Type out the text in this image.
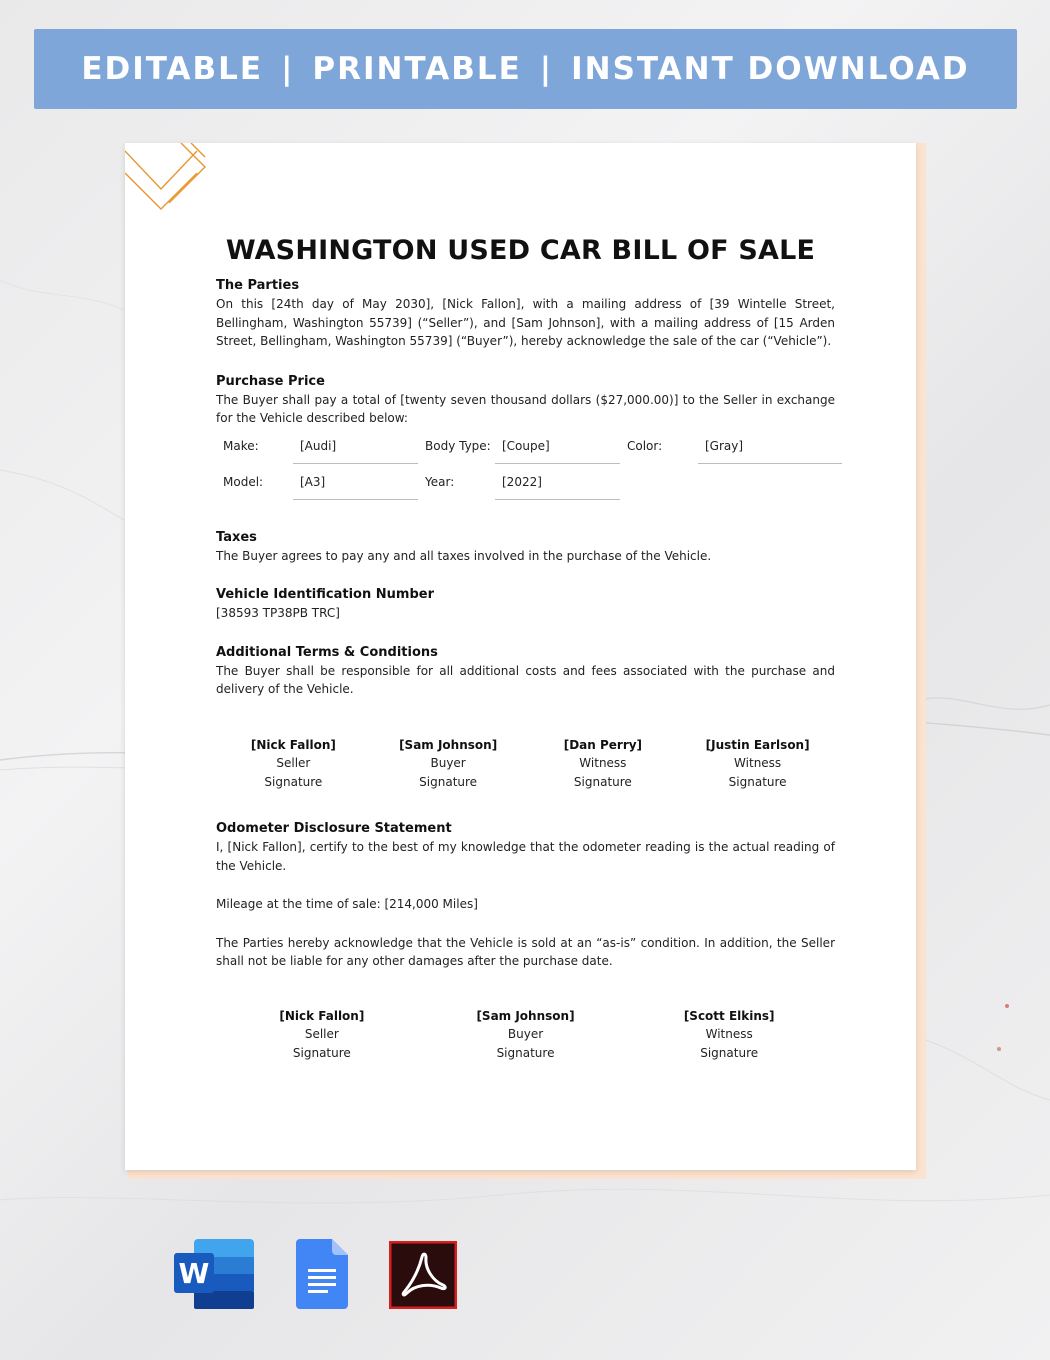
EDITABLE | PRINTABLE | INSTANT DOWNLOAD
WASHINGTON USED CAR BILL OF SALE

The Parties

On this [24th day of May 2030], [Nick Fallon], with a mailing address of [39 Wintelle Street, Bellingham, Washington 55739] (“Seller”), and [Sam Johnson], with a mailing address of [15 Arden Street, Bellingham, Washington 55739] (“Buyer”), hereby acknowledge the sale of the car (“Vehicle”).

Purchase Price

The Buyer shall pay a total of [twenty seven thousand dollars ($27,000.00)] to the Seller in exchange for the Vehicle described below:

Make:	[Audi]	Body Type: [Coupe]	Color:	[Gray]
Model:	[A3]	Year:	[2022]

Taxes

The Buyer agrees to pay any and all taxes involved in the purchase of the Vehicle.

Vehicle Identification Number

[38593 TP38PB TRC]

Additional Terms & Conditions

The Buyer shall be responsible for all additional costs and fees associated with the purchase and delivery of the Vehicle.

[Nick Fallon]
Seller
Signature
[Sam Johnson]
Buyer
Signature
[Dan Perry]
Witness
Signature
[Justin Earlson]
Witness
Signature

Odometer Disclosure Statement

I, [Nick Fallon], certify to the best of my knowledge that the odometer reading is the actual reading of the Vehicle.

Mileage at the time of sale: [214,000 Miles]

The Parties hereby acknowledge that the Vehicle is sold at an “as-is” condition. In addition, the Seller shall not be liable for any other damages after the purchase date.

[Nick Fallon]
Seller
Signature
[Sam Johnson]
Buyer
Signature
[Scott Elkins]
Witness
Signature
W
